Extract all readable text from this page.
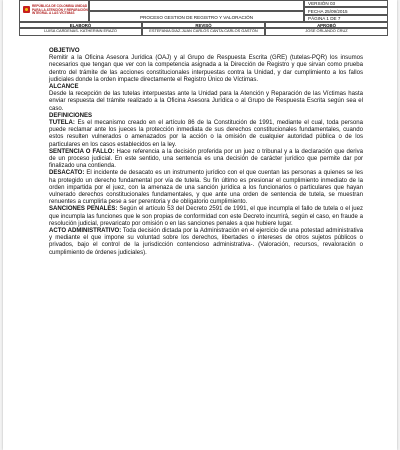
REPÚBLICA DE COLOMBIA UNIDAD PARA LA ATENCIÓN Y REPARACIÓN INTEGRAL A LAS VÍCTIMAS
PROCESO GESTION DE REGISTRO Y VALORACIÓN
VERSIÓN 03
FECHA 25/09/2015
PÁGINA 1 DE 7
ELABORÓ	REVISÓ	APROBÓ
LUISA CARDENAS- KATHERINN ERAZO	ESTEFANIA DIAZ-JUAN CARLOS CANTA-CARLOS GASTÓN	JOSE ORLANDO CRUZ

OBJETIVO

Remitir a la Oficina Asesora Jurídica (OAJ) y al Grupo de Respuesta Escrita (GRE) (tutelas-PQR) los insumos necesarios que tengan que ver con la competencia asignada a la Dirección de Registro y que sirvan como prueba dentro del trámite de las acciones constitucionales interpuestas contra la Unidad, y dar cumplimiento a los fallos judiciales donde la orden impacte directamente el Registro Único de Víctimas.

ALCANCE

Desde la recepción de las tutelas interpuestas ante la Unidad para la Atención y Reparación de las Víctimas hasta enviar respuesta del trámite realizado a la Oficina Asesora Jurídica o al Grupo de Respuesta Escrita según sea el caso.

DEFINICIONES

TUTELA: Es el mecanismo creado en el artículo 86 de la Constitución de 1991, mediante el cual, toda persona puede reclamar ante los jueces la protección inmediata de sus derechos constitucionales fundamentales, cuando estos resulten vulnerados o amenazados por la acción o la omisión de cualquier autoridad pública o de los particulares en los casos establecidos en la ley.

SENTENCIA O FALLO: Hace referencia a la decisión proferida por un juez o tribunal y a la declaración que deriva de un proceso judicial. En este sentido, una sentencia es una decisión de carácter jurídico que permite dar por finalizado una contienda.

DESACATO: El incidente de desacato es un instrumento jurídico con el que cuentan las personas a quienes se les ha protegido un derecho fundamental por vía de tutela. Su fin último es presionar el cumplimiento inmediato de la orden impartida por el juez, con la amenaza de una sanción jurídica a los funcionarios o particulares que hayan vulnerado derechos constitucionales fundamentales, y que ante una orden de sentencia de tutela, se muestran renuentes a cumplirla pese a ser perentoria y de obligatorio cumplimiento.

SANCIONES PENALES: Según el artículo 53 del Decreto 2591 de 1991, el que incumpla el fallo de tutela o el juez que incumpla las funciones que le son propias de conformidad con este Decreto incurrirá, según el caso, en fraude a resolución judicial, prevaricato por omisión o en las sanciones penales a que hubiere lugar.

ACTO ADMINISTRATIVO: Toda decisión dictada por la Administración en el ejercicio de una potestad administrativa y mediante el que impone su voluntad sobre los derechos, libertades o intereses de otros sujetos públicos o privados, bajo el control de la jurisdicción contencioso administrativa-. (Valoración, recursos, revaloración o cumplimiento de órdenes judiciales).
